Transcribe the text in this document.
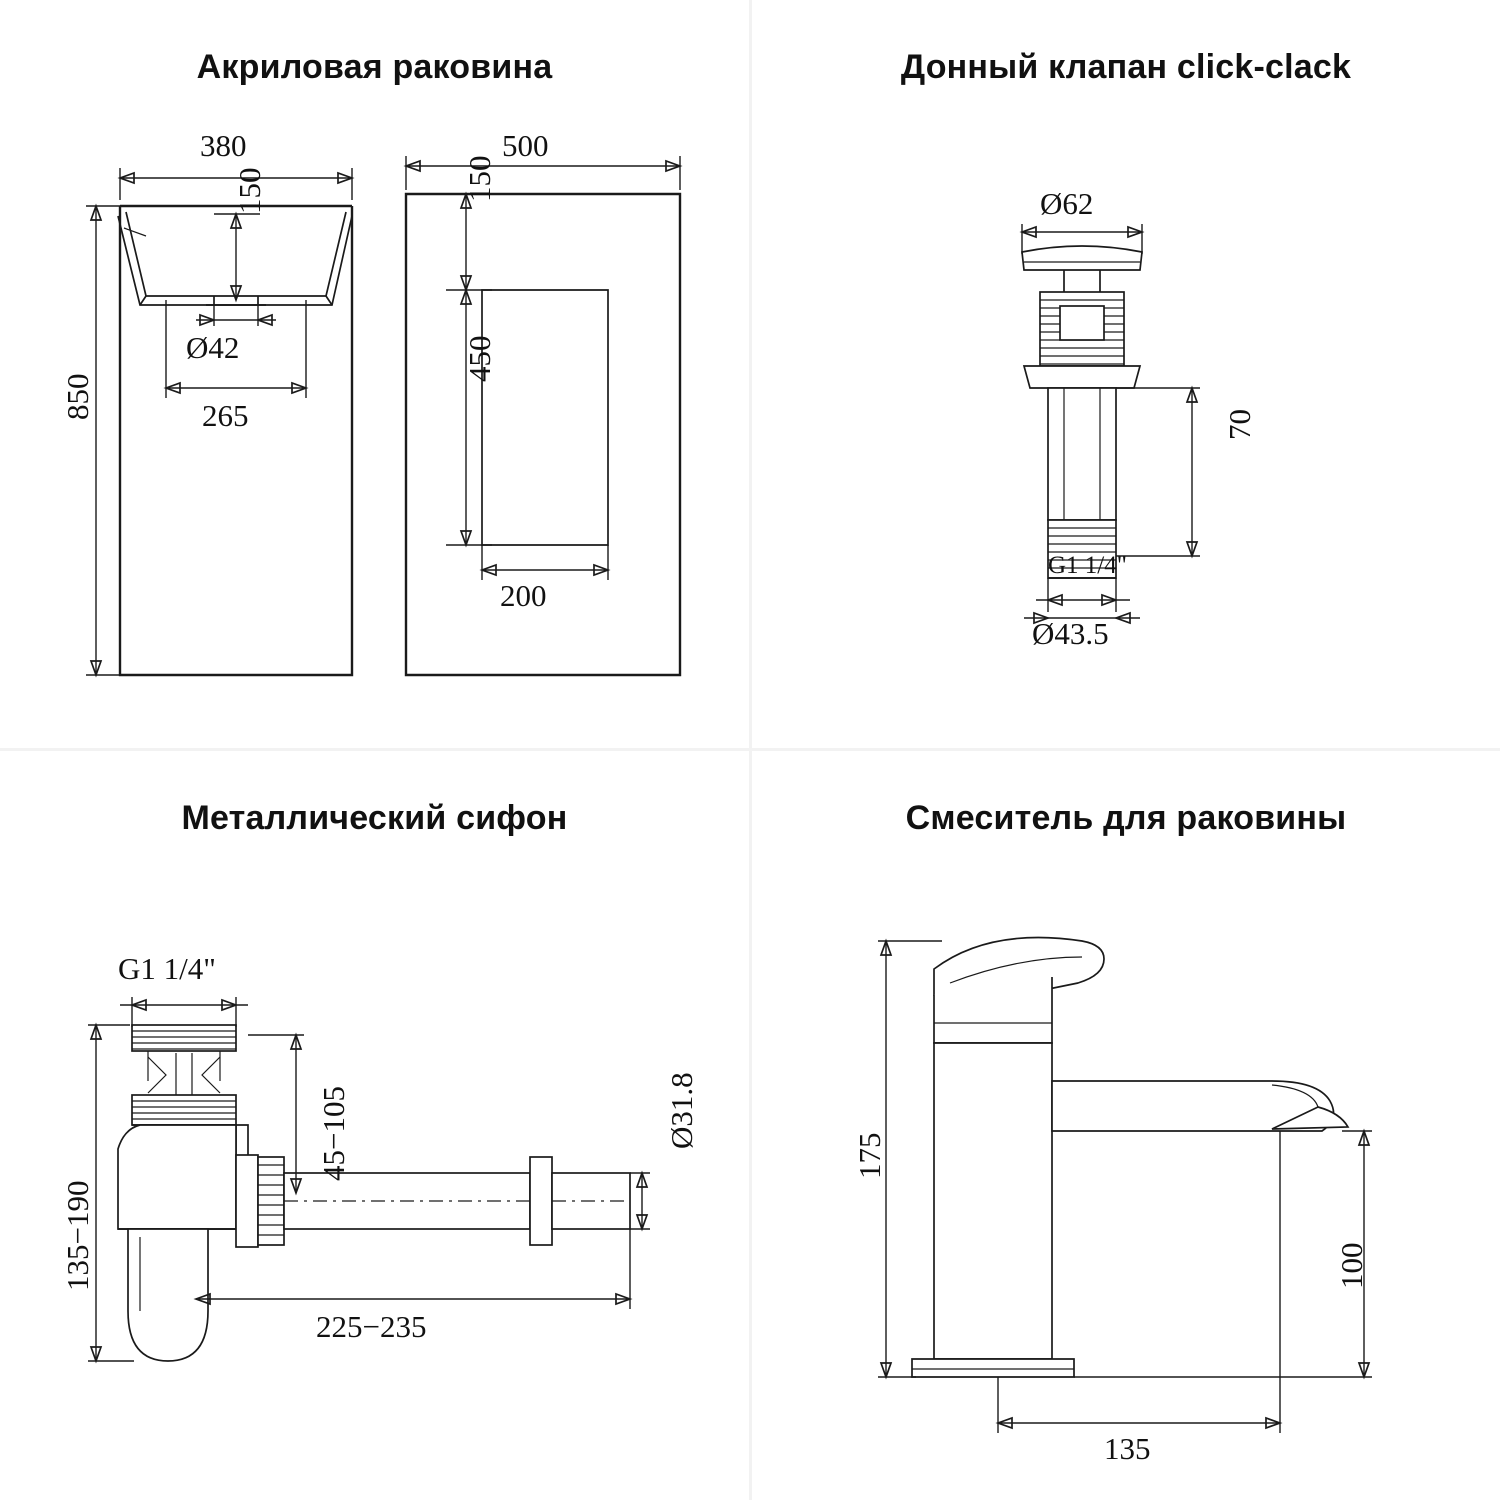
Акриловая раковина
380
150
Ø42
265
850
500
150
450
200
Донный клапан click-clack
Ø62
70
G1 1/4"
Ø43.5
Металлический сифон
G1 1/4"
135−190
45−105	Ø31.8
225−235
Смеситель для раковины
175
100
135
